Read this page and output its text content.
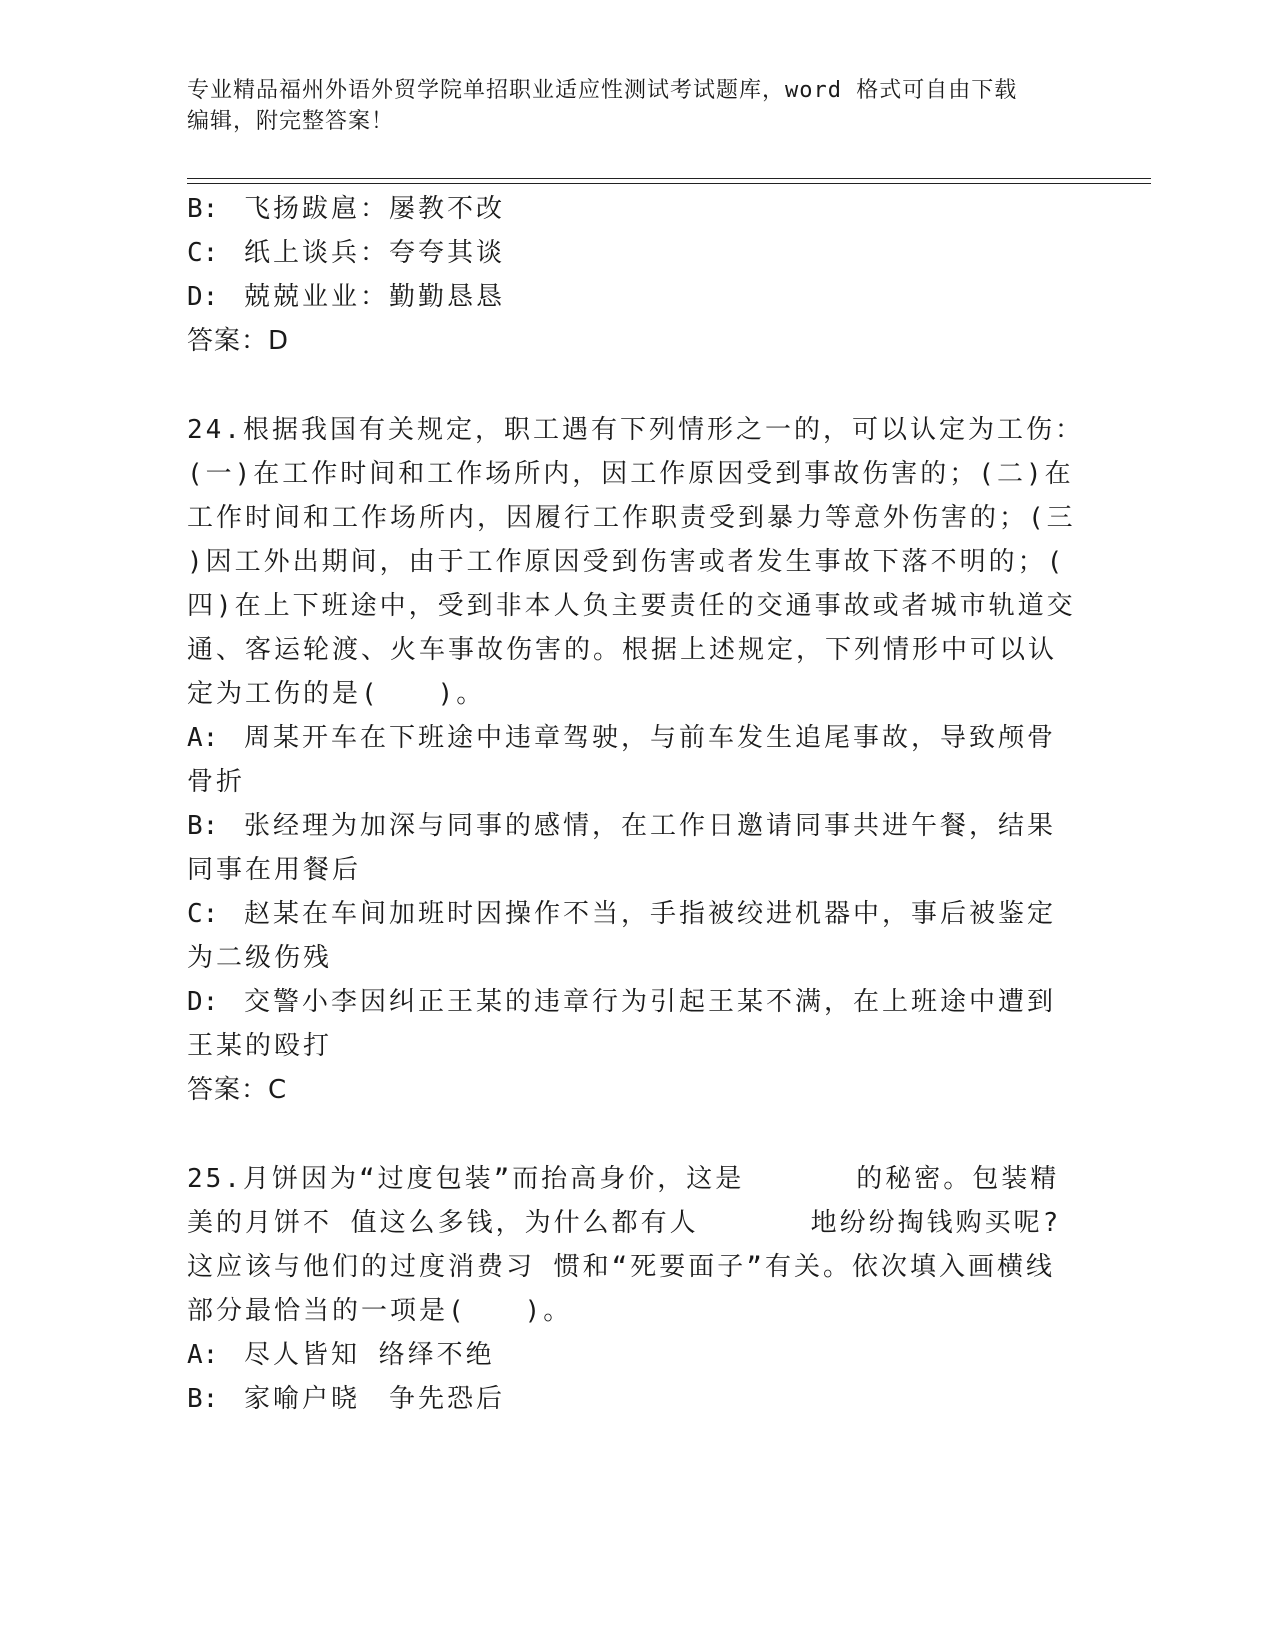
专业精品福州外语外贸学院单招职业适应性测试考试题库，word 格式可自由下载
编辑，附完整答案！
B: 飞扬跋扈：屡教不改
C: 纸上谈兵：夸夸其谈
D: 兢兢业业：勤勤恳恳
答案：D
24.根据我国有关规定，职工遇有下列情形之一的，可以认定为工伤：
(一)在工作时间和工作场所内，因工作原因受到事故伤害的；(二)在
工作时间和工作场所内，因履行工作职责受到暴力等意外伤害的；(三
)因工外出期间，由于工作原因受到伤害或者发生事故下落不明的；(
四)在上下班途中，受到非本人负主要责任的交通事故或者城市轨道交
通、客运轮渡、火车事故伤害的。根据上述规定，下列情形中可以认
定为工伤的是(　　)。
A: 周某开车在下班途中违章驾驶，与前车发生追尾事故，导致颅骨
骨折
B: 张经理为加深与同事的感情，在工作日邀请同事共进午餐，结果
同事在用餐后
C: 赵某在车间加班时因操作不当，手指被绞进机器中，事后被鉴定
为二级伤残
D: 交警小李因纠正王某的违章行为引起王某不满，在上班途中遭到
王某的殴打
答案：C
25.月饼因为“过度包装”而抬高身价，这是	的秘密。包装精
美的月饼不 值这么多钱，为什么都有人	地纷纷掏钱购买呢?
这应该与他们的过度消费习 惯和“死要面子”有关。依次填入画横线
部分最恰当的一项是(　　)。
A: 尽人皆知 络绎不绝
B: 家喻户晓　争先恐后
